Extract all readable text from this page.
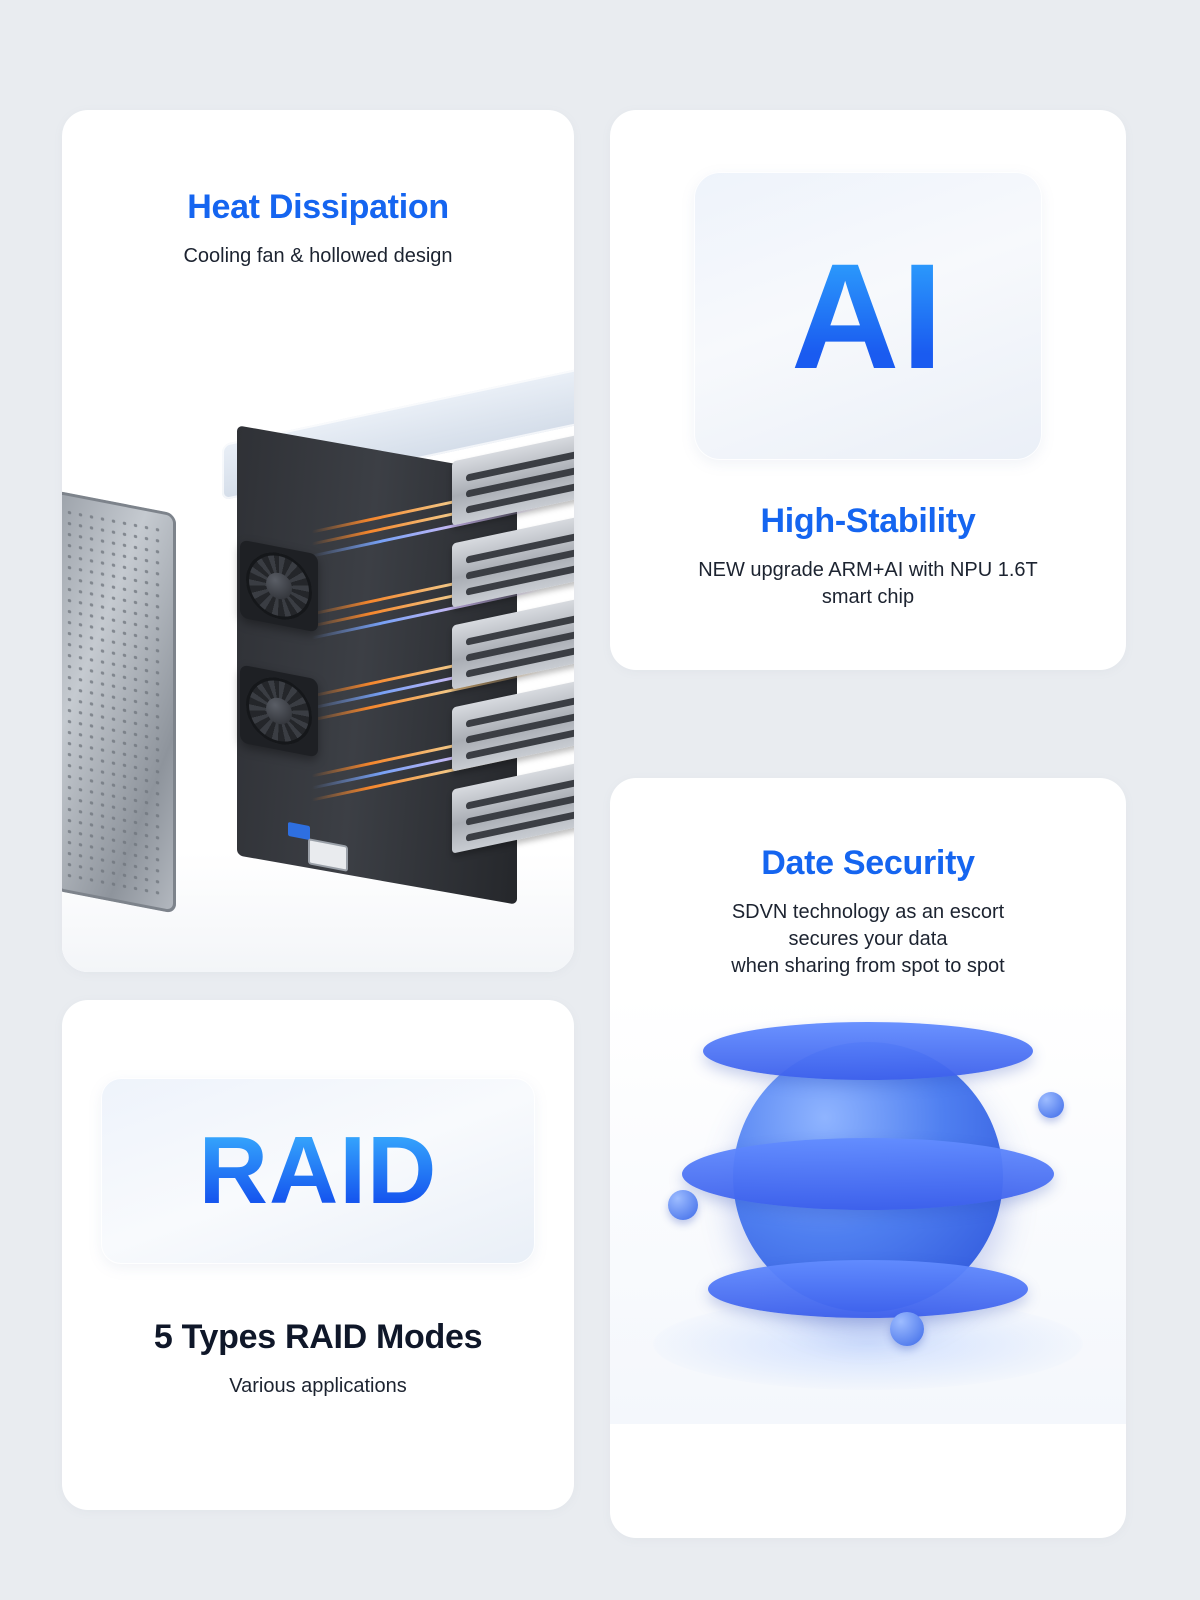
Heat Dissipation

Cooling fan & hollowed design	AI
High-Stability

NEW upgrade ARM+AI with NPU 1.6T

smart chip

RAID
5 Types RAID Modes

Various applications

Date Security

SDVN technology as an escort

secures your data

when sharing from spot to spot
